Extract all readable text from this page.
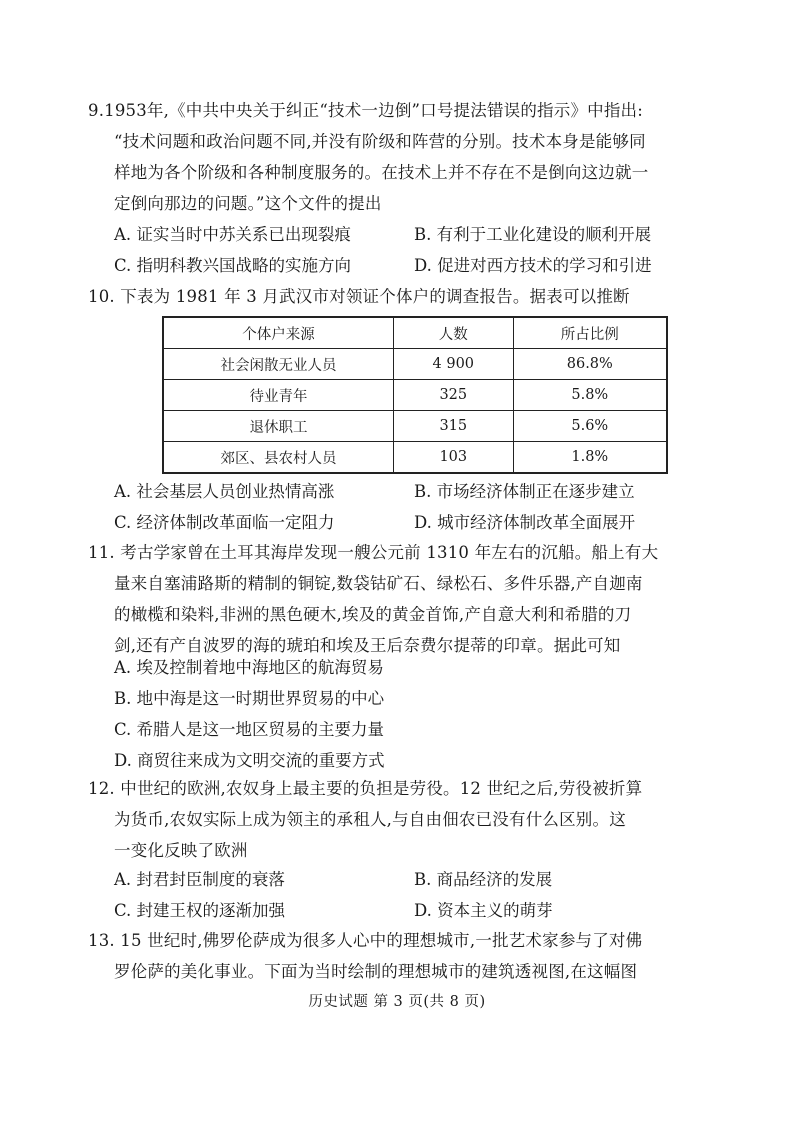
9.1953年,《中共中央关于纠正“技术一边倒”口号提法错误的指示》中指出:
“技术问题和政治问题不同,并没有阶级和阵营的分别。技术本身是能够同
样地为各个阶级和各种制度服务的。在技术上并不存在不是倒向这边就一
定倒向那边的问题。”这个文件的提出
A. 证实当时中苏关系已出现裂痕	B. 有利于工业化建设的顺利开展
C. 指明科教兴国战略的实施方向	D. 促进对西方技术的学习和引进
10. 下表为 1981 年 3 月武汉市对领证个体户的调查报告。据表可以推断
个体户来源	人数	所占比例
社会闲散无业人员	4 900	86.8%
待业青年	325	5.8%
退休职工	315	5.6%
郊区、县农村人员	103	1.8%
A. 社会基层人员创业热情高涨	B. 市场经济体制正在逐步建立
C. 经济体制改革面临一定阻力	D. 城市经济体制改革全面展开
11. 考古学家曾在土耳其海岸发现一艘公元前 1310 年左右的沉船。船上有大
量来自塞浦路斯的精制的铜锭,数袋钴矿石、绿松石、多件乐器,产自迦南
的橄榄和染料,非洲的黑色硬木,埃及的黄金首饰,产自意大利和希腊的刀
剑,还有产自波罗的海的琥珀和埃及王后奈费尔提蒂的印章。据此可知
A. 埃及控制着地中海地区的航海贸易
B. 地中海是这一时期世界贸易的中心
C. 希腊人是这一地区贸易的主要力量
D. 商贸往来成为文明交流的重要方式
12. 中世纪的欧洲,农奴身上最主要的负担是劳役。12 世纪之后,劳役被折算
为货币,农奴实际上成为领主的承租人,与自由佃农已没有什么区别。这
一变化反映了欧洲
A. 封君封臣制度的衰落	B. 商品经济的发展
C. 封建王权的逐渐加强	D. 资本主义的萌芽
13. 15 世纪时,佛罗伦萨成为很多人心中的理想城市,一批艺术家参与了对佛
罗伦萨的美化事业。下面为当时绘制的理想城市的建筑透视图,在这幅图
历史试题 第 3 页(共 8 页)
